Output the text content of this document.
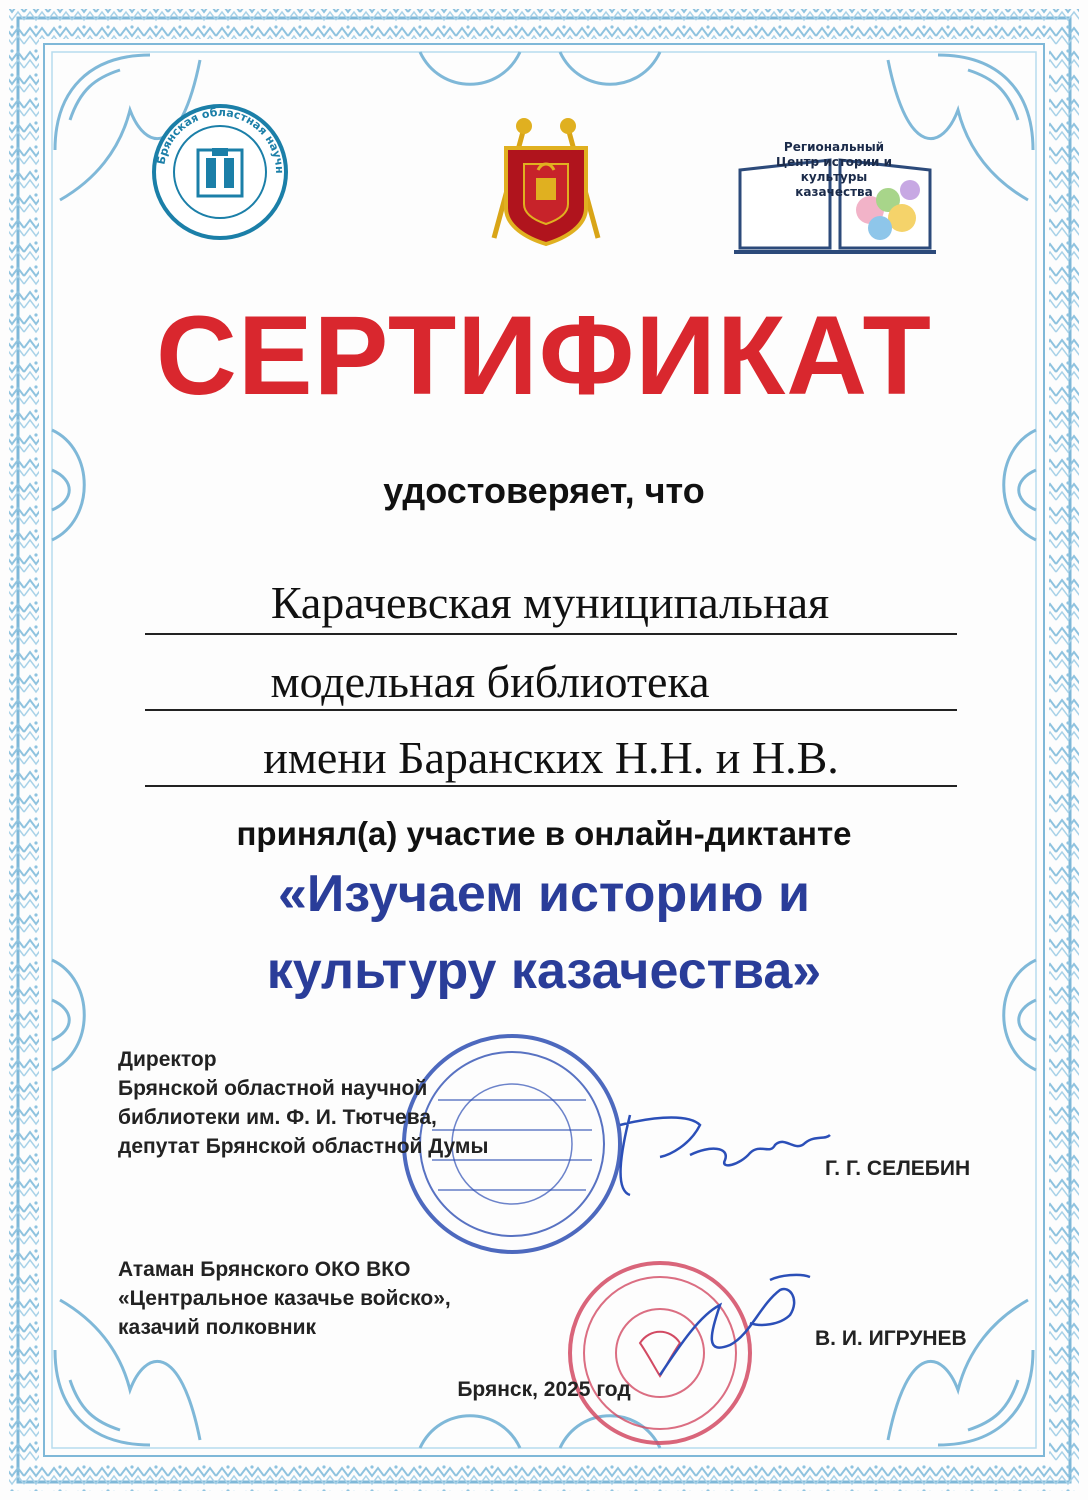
Брянская областная научн
Региональный Центр истории и культуры казачества
СЕРТИФИКАТ
удостоверяет, что
Карачевская муниципальная
модельная библиотека
имени Баранских Н.Н. и Н.В.
принял(а) участие в онлайн-диктанте
«Изучаем историю и
культуру казачества»
Директор
Брянской областной научной
библиотеки им. Ф. И. Тютчева,
депутат Брянской областной Думы
Г. Г. СЕЛЕБИН
Атаман Брянского ОКО ВКО
«Центральное казачье войско»,
казачий полковник	В. И. ИГРУНЕВ
Брянск, 2025 год
